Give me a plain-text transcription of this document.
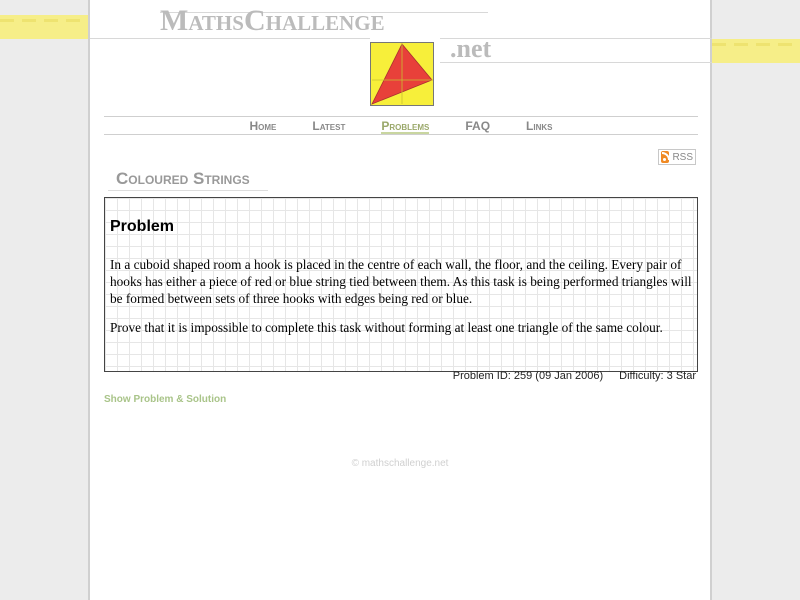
MathsChallenge
.net
Home	Latest	Problems	FAQ	Links
RSS
Coloured Strings
Problem

In a cuboid shaped room a hook is placed in the centre of each wall, the floor, and the ceiling. Every pair of hooks has either a piece of red or blue string tied between them. As this task is being performed triangles will be formed between sets of three hooks with edges being red or blue.

Prove that it is impossible to complete this task without forming at least one triangle of the same colour.

Problem ID: 259 (09 Jan 2006) Difficulty: 3 Star
Show Problem & Solution
© mathschallenge.net
